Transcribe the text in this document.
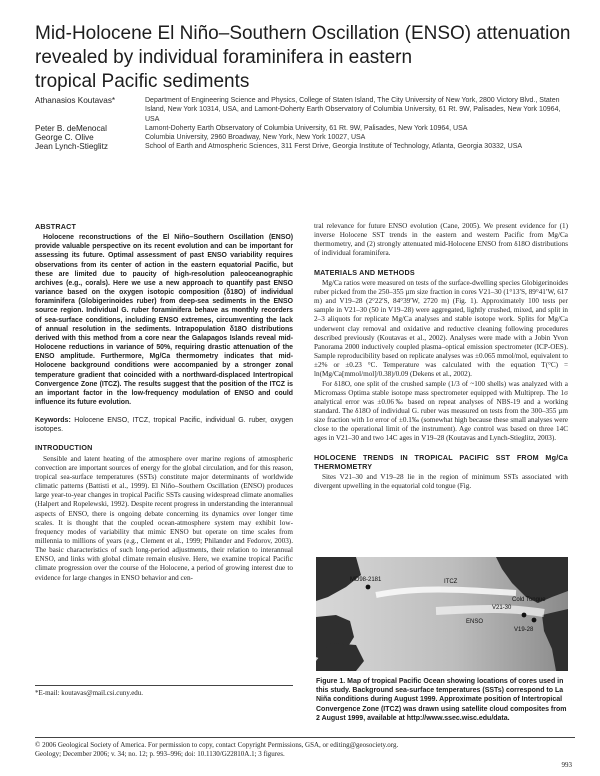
Mid-Holocene El Niño–Southern Oscillation (ENSO) attenuation
revealed by individual foraminifera in eastern
tropical Pacific sediments
Athanasios Koutavas*	Department of Engineering Science and Physics, College of Staten Island, The City University of New York, 2800 Victory Blvd., Staten Island, New York 10314, USA, and Lamont-Doherty Earth Observatory of Columbia University, 61 Rt. 9W, Palisades, New York 10964, USA
Peter B. deMenocal	Lamont-Doherty Earth Observatory of Columbia University, 61 Rt. 9W, Palisades, New York 10964, USA
George C. Olive	Columbia University, 2960 Broadway, New York, New York 10027, USA
Jean Lynch-Stieglitz	School of Earth and Atmospheric Sciences, 311 Ferst Drive, Georgia Institute of Technology, Atlanta, Georgia 30332, USA
ABSTRACT

Holocene reconstructions of the El Niño–Southern Oscillation (ENSO) provide valuable perspective on its recent evolution and can be important for assessing its future. Optimal assessment of past ENSO variability requires observations from its center of action in the eastern equatorial Pacific, but these are limited due to paucity of high-resolution paleoceanographic archives (e.g., corals). Here we use a new approach to quantify past ENSO variance based on the oxygen isotopic composition (δ18O) of individual foraminifera (Globigerinoides ruber) from deep-sea sediments in the ENSO source region. Individual G. ruber foraminifera behave as monthly recorders of sea-surface conditions, including ENSO extremes, circumventing the lack of annual resolution in the sediments. Intrapopulation δ18O distributions derived with this method from a core near the Galapagos Islands reveal mid-Holocene reductions in variance of 50%, requiring drastic attenuation of the ENSO amplitude. Furthermore, Mg/Ca thermometry indicates that mid-Holocene background conditions were accompanied by a stronger zonal temperature gradient that coincided with a northward-displaced Intertropical Convergence Zone (ITCZ). The results suggest that the position of the ITCZ is an important factor in the low-frequency modulation of ENSO and could influence its future evolution.

Keywords: Holocene ENSO, ITCZ, tropical Pacific, individual G. ruber, oxygen isotopes.

INTRODUCTION

Sensible and latent heating of the atmosphere over marine regions of atmospheric convection are important sources of energy for the global circulation, and for this reason, tropical sea-surface temperatures (SSTs) constitute major determinants of worldwide climatic patterns (Battisti et al., 1999). El Niño–Southern Oscillation (ENSO) produces large year-to-year changes in tropical Pacific SSTs causing widespread climate anomalies (Halpert and Ropelewski, 1992). Despite recent progress in understanding the interannual aspects of ENSO, there is ongoing debate concerning its dynamics over longer time scales. It is thought that the coupled ocean-atmosphere system may exhibit low-frequency modes of variability that mimic ENSO but operate on time scales from millennia to millions of years (e.g., Clement et al., 1999; Philander and Fedorov, 2003). The basic characteristics of such long-period adjustments, their relation to interannual ENSO, and links with global climate remain elusive. Here, we examine tropical Pacific climate progression over the course of the Holocene, a period of growing interest due to evidence for large changes in ENSO behavior and cen-

*E-mail: koutavas@mail.csi.cuny.edu.

tral relevance for future ENSO evolution (Cane, 2005). We present evidence for (1) inverse Holocene SST trends in the eastern and western Pacific from Mg/Ca thermometry, and (2) strongly attenuated mid-Holocene ENSO from δ18O distributions of individual foraminifera.

MATERIALS AND METHODS

Mg/Ca ratios were measured on tests of the surface-dwelling species Globigerinoides ruber picked from the 250–355 µm size fraction in cores V21–30 (1°13′S, 89°41′W, 617 m) and V19–28 (2°22′S, 84°39′W, 2720 m) (Fig. 1). Approximately 100 tests per sample in V21–30 (50 in V19–28) were aggregated, lightly crushed, mixed, and split in 2–3 aliquots for replicate Mg/Ca analyses and stable isotope work. Splits for Mg/Ca underwent clay removal and oxidative and reductive cleaning following procedures described previously (Koutavas et al., 2002). Analyses were made with a Jobin Yvon Panorama 2000 inductively coupled plasma–optical emission spectrometer (ICP-OES). Sample reproducibility based on replicate analyses was ±0.065 mmol/mol, equivalent to ±2% or ±0.23 °C. Temperature was calculated with the equation T(°C) = ln(Mg/Ca[mmol/mol]/0.38)/0.09 (Dekens et al., 2002).

For δ18O, one split of the crushed sample (1/3 of ~100 shells) was analyzed with a Micromass Optima stable isotope mass spectrometer equipped with Multiprep. The 1σ analytical error was ±0.06‰ based on repeat analyses of NBS-19 and a working standard. The δ18O of individual G. ruber was measured on tests from the 300–355 µm size fraction with 1σ error of ±0.1‰ (somewhat high because these small analyses were close to the operational limit of the instrument). Age control was based on three 14C ages in V21–30 and two 14C ages in V19–28 (Koutavas and Lynch-Stieglitz, 2003).

HOLOCENE TRENDS IN TROPICAL PACIFIC SST FROM Mg/Ca THERMOMETRY

Sites V21–30 and V19–28 lie in the region of minimum SSTs associated with divergent upwelling in the equatorial cold tongue (Fig.

MD98-2181	ITCZ
V21-30
V19-28
ENSO
Cold Tongue
Figure 1. Map of tropical Pacific Ocean showing locations of cores used in this study. Background sea-surface temperatures (SSTs) correspond to La Niña conditions during August 1999. Approximate position of Intertropical Convergence Zone (ITCZ) was drawn using satellite cloud composites from 2 August 1999, available at http://www.ssec.wisc.edu/data.
© 2006 Geological Society of America. For permission to copy, contact Copyright Permissions, GSA, or editing@geosociety.org.
Geology; December 2006; v. 34; no. 12; p. 993–996; doi: 10.1130/G22810A.1; 3 figures.
993
